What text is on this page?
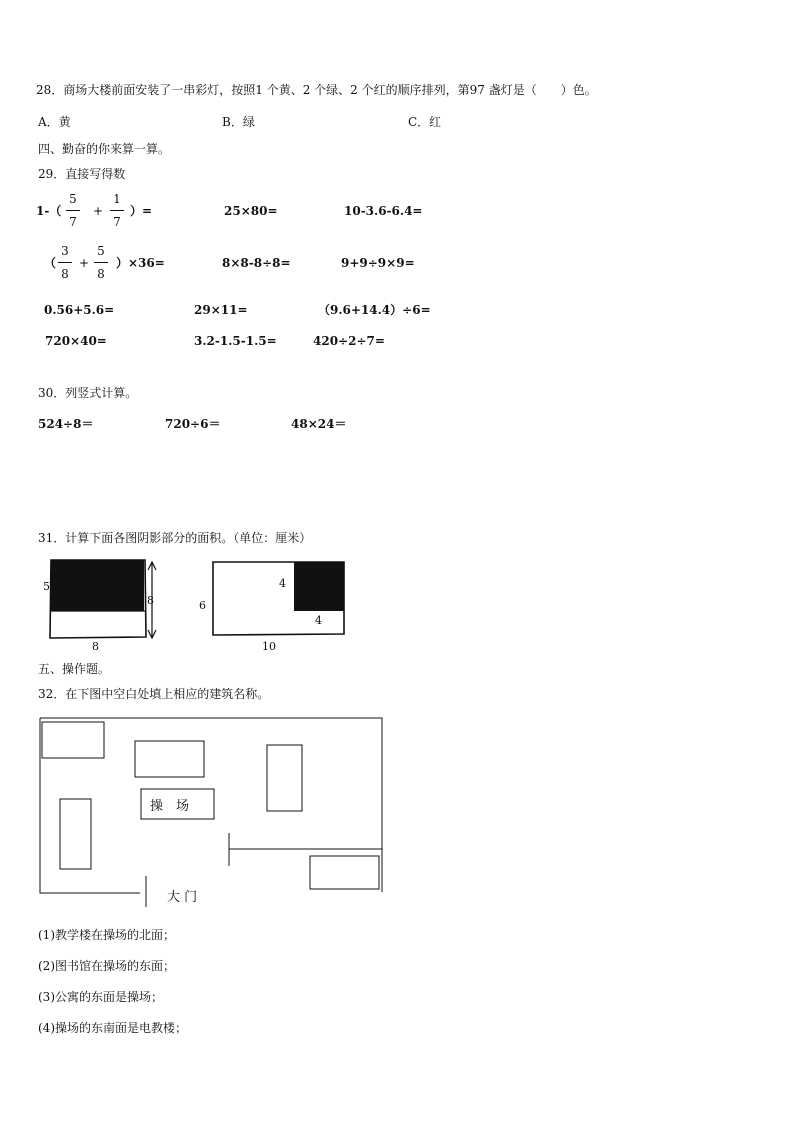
28．商场大楼前面安装了一串彩灯，按照1 个黄、2 个绿、2 个红的顺序排列，第97 盏灯是（　　）色。
A．黄	B．绿	C．红
四、勤奋的你来算一算。
29．直接写得数
1-（
5
7
+
1
7
）=	25×80=	10-3.6-6.4=
（
3
8
+
5
8
）×36=	8×8-8÷8=	9+9÷9×9=
0.56+5.6=	29×11=	（9.6+14.4）÷6=
720×40=	3.2-1.5-1.5=	420÷2÷7=
30．列竖式计算。
524÷8＝	720÷6＝	48×24＝
31．计算下面各图阴影部分的面积。（单位：厘米）
5
8
8
6
4
4
10
五、操作题。
32．在下图中空白处填上相应的建筑名称。
操　场
大 门
(1)教学楼在操场的北面；
(2)图书馆在操场的东面；
(3)公寓的东面是操场；
(4)操场的东南面是电教楼；
